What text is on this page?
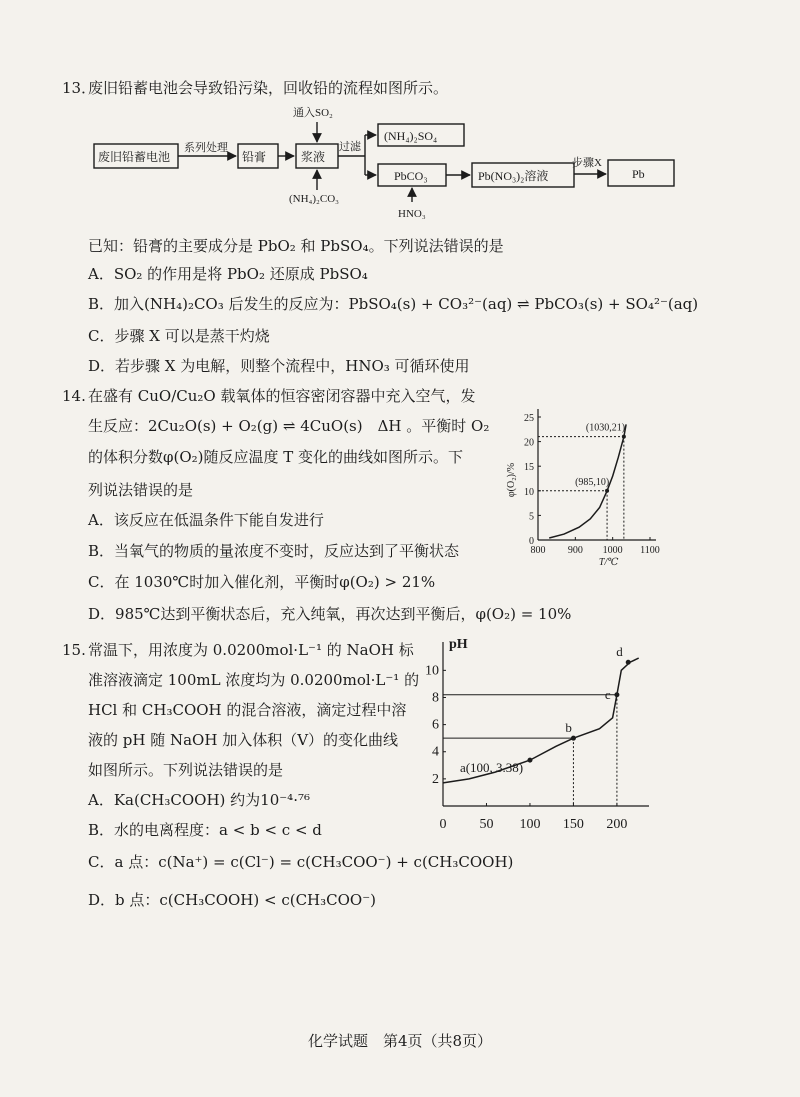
13．
废旧铅蓄电池会导致铅污染，回收铅的流程如图所示。
废旧铅蓄电池
系列处理
铅膏
通入SO₂
浆液
(NH₄)₂CO₃
过滤
(NH₄)₂SO₄
PbCO₃
HNO₃
Pb(NO₃)₂溶液
步骤X
Pb
已知：铅膏的主要成分是 PbO₂ 和 PbSO₄。下列说法错误的是
A．SO₂ 的作用是将 PbO₂ 还原成 PbSO₄
B．加入(NH₄)₂CO₃ 后发生的反应为：PbSO₄(s) + CO₃²⁻(aq) ⇌ PbCO₃(s) + SO₄²⁻(aq)
C．步骤 X 可以是蒸干灼烧
D．若步骤 X 为电解，则整个流程中，HNO₃ 可循环使用
14. 在盛有 CuO/Cu₂O 载氧体的恒容密闭容器中充入空气，发
生反应：2Cu₂O(s) + O₂(g) ⇌ 4CuO(s)　ΔH 。平衡时 O₂
的体积分数φ(O₂)随反应温度 T 变化的曲线如图所示。下
列说法错误的是
A．该反应在低温条件下能自发进行
B．当氧气的物质的量浓度不变时，反应达到了平衡状态
C．在 1030℃时加入催化剂，平衡时φ(O₂) > 21%
D．985℃达到平衡状态后，充入纯氧，再次达到平衡后，φ(O₂) = 10%
800 900 1000 1100
0
5
10
15
20
25
(985,10)
(1030,21)
φ(O₂)/%
T/℃
15. 常温下，用浓度为 0.0200mol·L⁻¹ 的 NaOH 标
准溶液滴定 100mL 浓度均为 0.0200mol·L⁻¹ 的
HCl 和 CH₃COOH 的混合溶液，滴定过程中溶
液的 pH 随 NaOH 加入体积（V）的变化曲线
如图所示。下列说法错误的是
A．Ka(CH₃COOH) 约为10⁻⁴·⁷⁶
B．水的电离程度：a < b < c < d
C．a 点：c(Na⁺) = c(Cl⁻) = c(CH₃COO⁻) + c(CH₃COOH)
D．b 点：c(CH₃COOH) < c(CH₃COO⁻)
0 50 100 150 200
2
4
6
8
10
a(100, 3.38)
b
c
d
pH
化学试题　第4页（共8页）
